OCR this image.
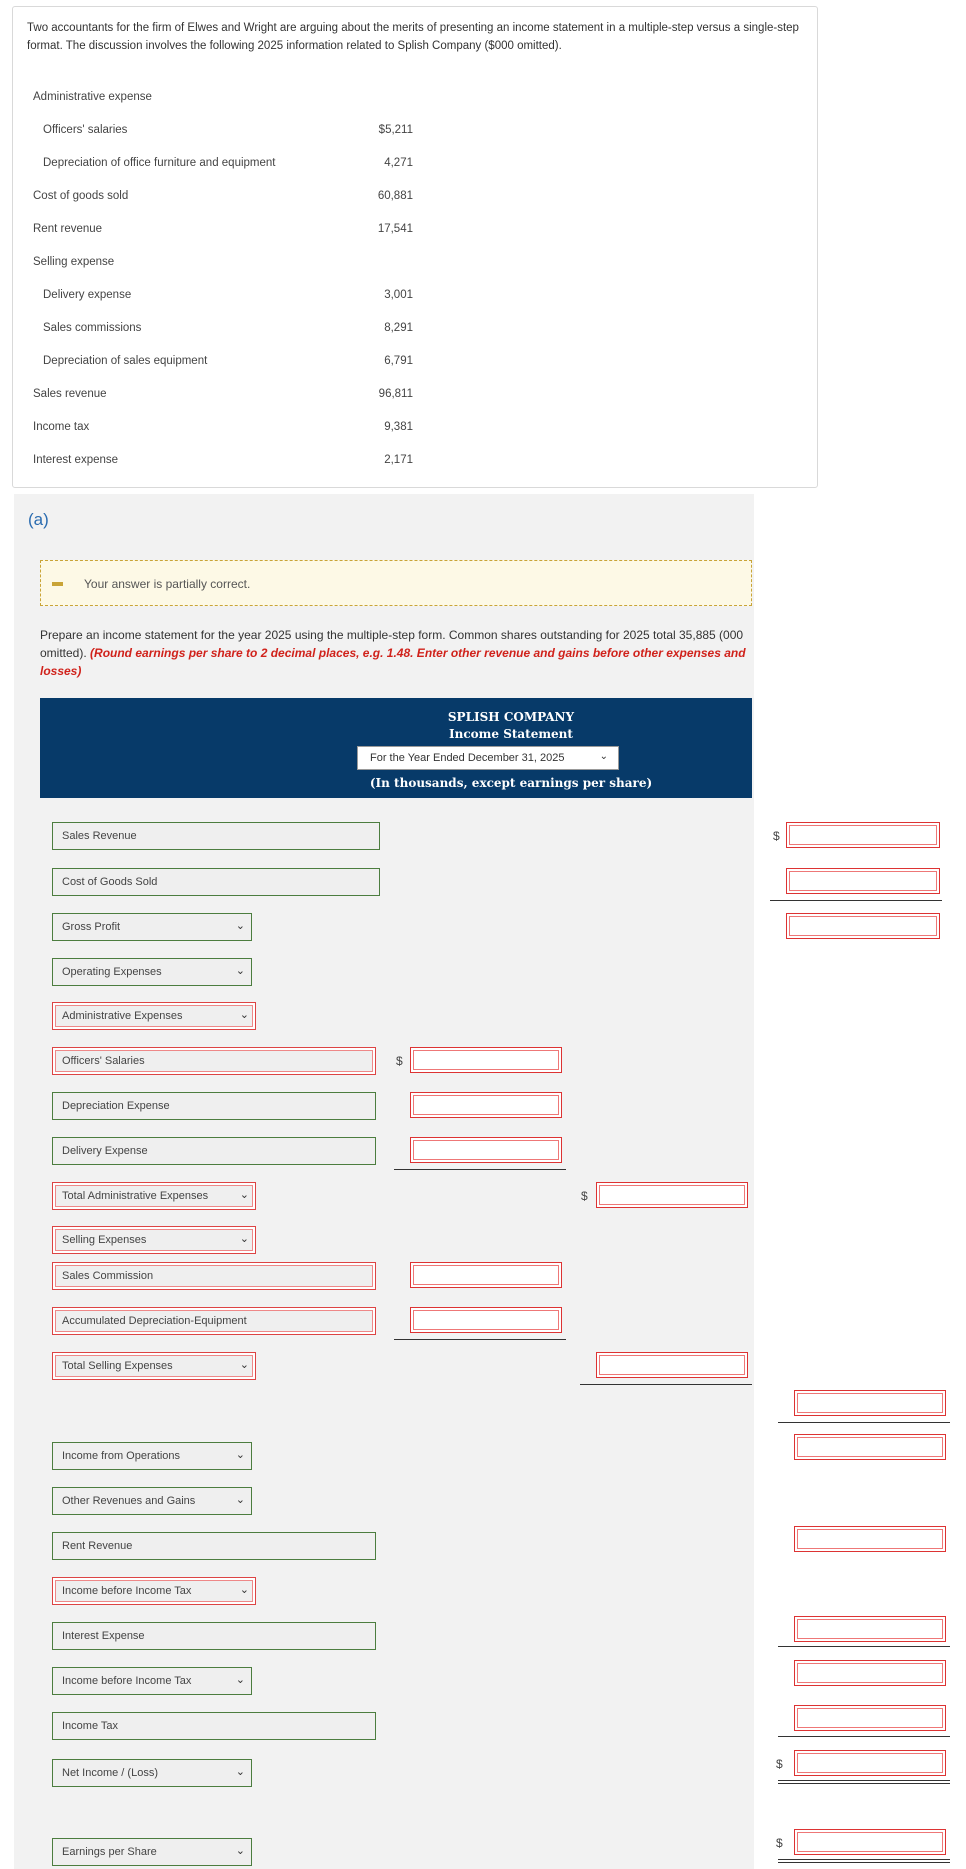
Two accountants for the firm of Elwes and Wright are arguing about the merits of presenting an income statement in a multiple-step versus a single-step format. The discussion involves the following 2025 information related to Splish Company ($000 omitted).
Administrative expense
Officers' salaries	$5,211
Depreciation of office furniture and equipment	4,271
Cost of goods sold	60,881
Rent revenue	17,541
Selling expense
Delivery expense	3,001
Sales commissions	8,291
Depreciation of sales equipment	6,791
Sales revenue	96,811
Income tax	9,381
Interest expense	2,171
(a)
Your answer is partially correct.
Prepare an income statement for the year 2025 using the multiple-step form. Common shares outstanding for 2025 total 35,885 (000 omitted). (Round earnings per share to 2 decimal places, e.g. 1.48. Enter other revenue and gains before other expenses and losses)
SPLISH COMPANY
Income Statement
For the Year Ended December 31, 2025	⌄
(In thousands, except earnings per share)
Sales Revenue	$
Cost of Goods Sold
Gross Profit	⌄
Operating Expenses	⌄
Administrative Expenses	⌄
Officers' Salaries	$
Depreciation Expense
Delivery Expense
Total Administrative Expenses	⌄	$
Selling Expenses	⌄
Sales Commission
Accumulated Depreciation-Equipment
Total Selling Expenses	⌄
Income from Operations	⌄
Other Revenues and Gains	⌄
Rent Revenue
Income before Income Tax	⌄
Interest Expense
Income before Income Tax	⌄
Income Tax
Net Income / (Loss)	⌄
$
Earnings per Share	⌄
$
